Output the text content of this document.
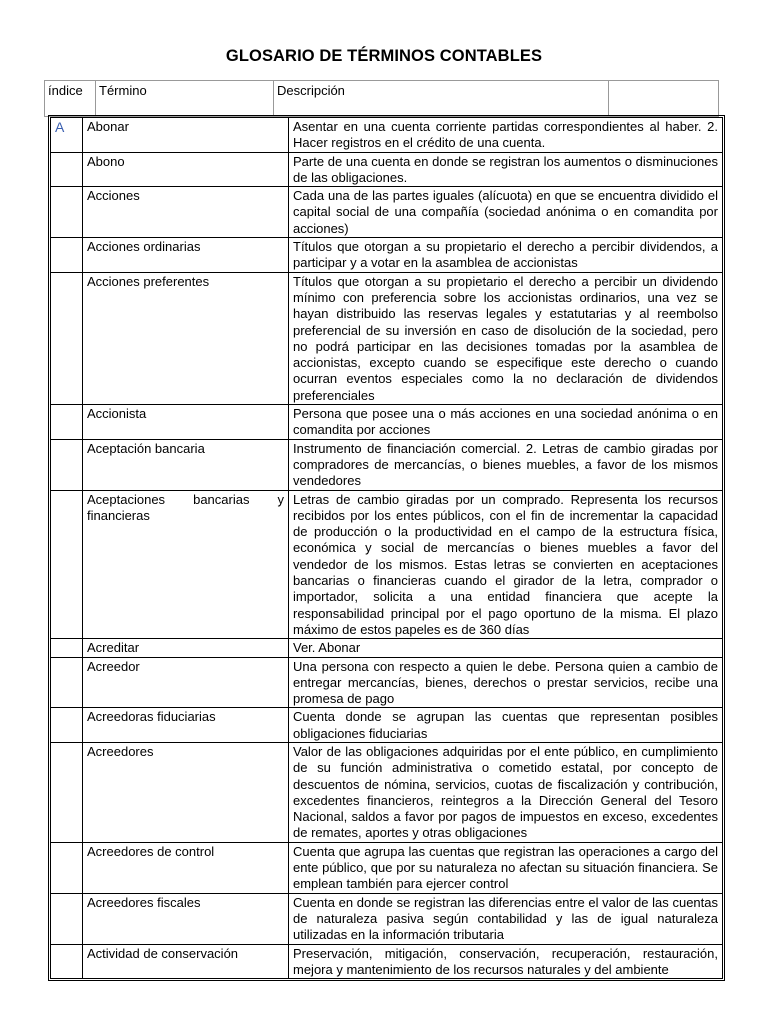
GLOSARIO DE TÉRMINOS CONTABLES
índice	Término	Descripción	
A	Abonar	Asentar en una cuenta corriente partidas correspondientes al haber. 2. Hacer registros en el crédito de una cuenta.
	Abono	Parte de una cuenta en donde se registran los aumentos o disminuciones de las obligaciones.
	Acciones	Cada una de las partes iguales (alícuota) en que se encuentra dividido el capital social de una compañía (sociedad anónima o en comandita por acciones)
	Acciones ordinarias	Títulos que otorgan a su propietario el derecho a percibir dividendos, a participar y a votar en la asamblea de accionistas
	Acciones preferentes	Títulos que otorgan a su propietario el derecho a percibir un dividendo mínimo con preferencia sobre los accionistas ordinarios, una vez se hayan distribuido las reservas legales y estatutarias y al reembolso preferencial de su inversión en caso de disolución de la sociedad, pero no podrá participar en las decisiones tomadas por la asamblea de accionistas, excepto cuando se especifique este derecho o cuando ocurran eventos especiales como la no declaración de dividendos preferenciales
	Accionista	Persona que posee una o más acciones en una sociedad anónima o en comandita por acciones
	Aceptación bancaria	Instrumento de financiación comercial. 2. Letras de cambio giradas por compradores de mercancías, o bienes muebles, a favor de los mismos vendedores
	Aceptaciones bancarias y financieras	Letras de cambio giradas por un comprado. Representa los recursos recibidos por los entes públicos, con el fin de incrementar la capacidad de producción o la productividad en el campo de la estructura física, económica y social de mercancías o bienes muebles a favor del vendedor de los mismos. Estas letras se convierten en aceptaciones bancarias o financieras cuando el girador de la letra, comprador o importador, solicita a una entidad financiera que acepte la responsabilidad principal por el pago oportuno de la misma. El plazo máximo de estos papeles es de 360 días
	Acreditar	Ver. Abonar
	Acreedor	Una persona con respecto a quien le debe. Persona quien a cambio de entregar mercancías, bienes, derechos o prestar servicios, recibe una promesa de pago
	Acreedoras fiduciarias	Cuenta donde se agrupan las cuentas que representan posibles obligaciones fiduciarias
	Acreedores	Valor de las obligaciones adquiridas por el ente público, en cumplimiento de su función administrativa o cometido estatal, por concepto de descuentos de nómina, servicios, cuotas de fiscalización y contribución, excedentes financieros, reintegros a la Dirección General del Tesoro Nacional, saldos a favor por pagos de impuestos en exceso, excedentes de remates, aportes y otras obligaciones
	Acreedores de control	Cuenta que agrupa las cuentas que registran las operaciones a cargo del ente público, que por su naturaleza no afectan su situación financiera. Se emplean también para ejercer control
	Acreedores fiscales	Cuenta en donde se registran las diferencias entre el valor de las cuentas de naturaleza pasiva según contabilidad y las de igual naturaleza utilizadas en la información tributaria
	Actividad de conservación	Preservación, mitigación, conservación, recuperación, restauración, mejora y mantenimiento de los recursos naturales y del ambiente
